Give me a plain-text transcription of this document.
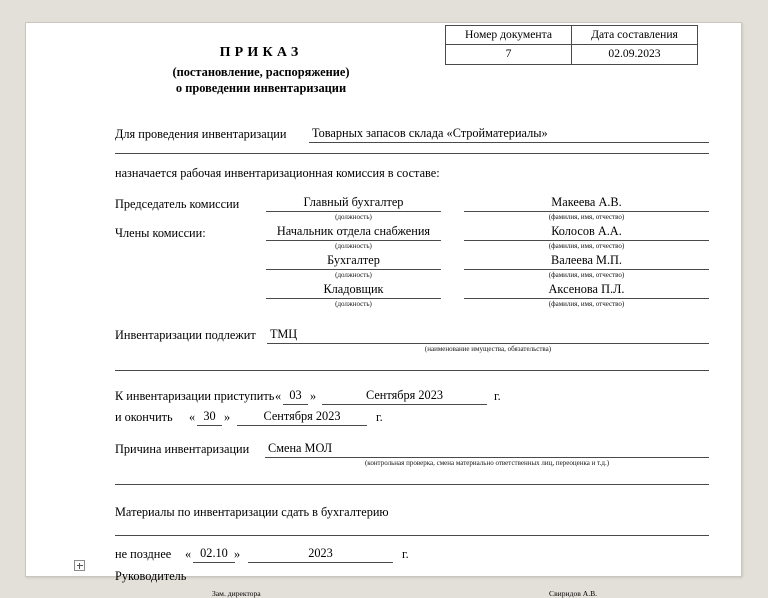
Номер документа	Дата составления
7	02.09.2023
ПРИКАЗ
(постановление, распоряжение)
о проведении инвентаризации
Для проведения инвентаризации Товарных запасов склада «Стройматериалы»
назначается рабочая инвентаризационная комиссия в составе:
Председатель комиссии	Главный бухгалтер
(должность)
Макеева А.В.
(фамилия, имя, отчество)
Члены комиссии:	Начальник отдела снабжения
(должность)
Колосов А.А.
(фамилия, имя, отчество)
Бухгалтер
(должность)
Валеева М.П.
(фамилия, имя, отчество)
Кладовщик
(должность)
Аксенова П.Л.
(фамилия, имя, отчество)
Инвентаризации подлежит ТМЦ
(наименование имущества, обязательства)
К инвентаризации приступить « 03 »	Сентября 2023	г.
и окончить « 30 »	Сентября 2023	г.
Причина инвентаризации Смена МОЛ
(контрольная проверка, смена материально ответственных лиц, переоценка и т.д.)
Материалы по инвентаризации сдать в бухгалтерию
не позднее « 02.10 »	2023	г.
Руководитель
Зам. директора	Свиридов А.В.
